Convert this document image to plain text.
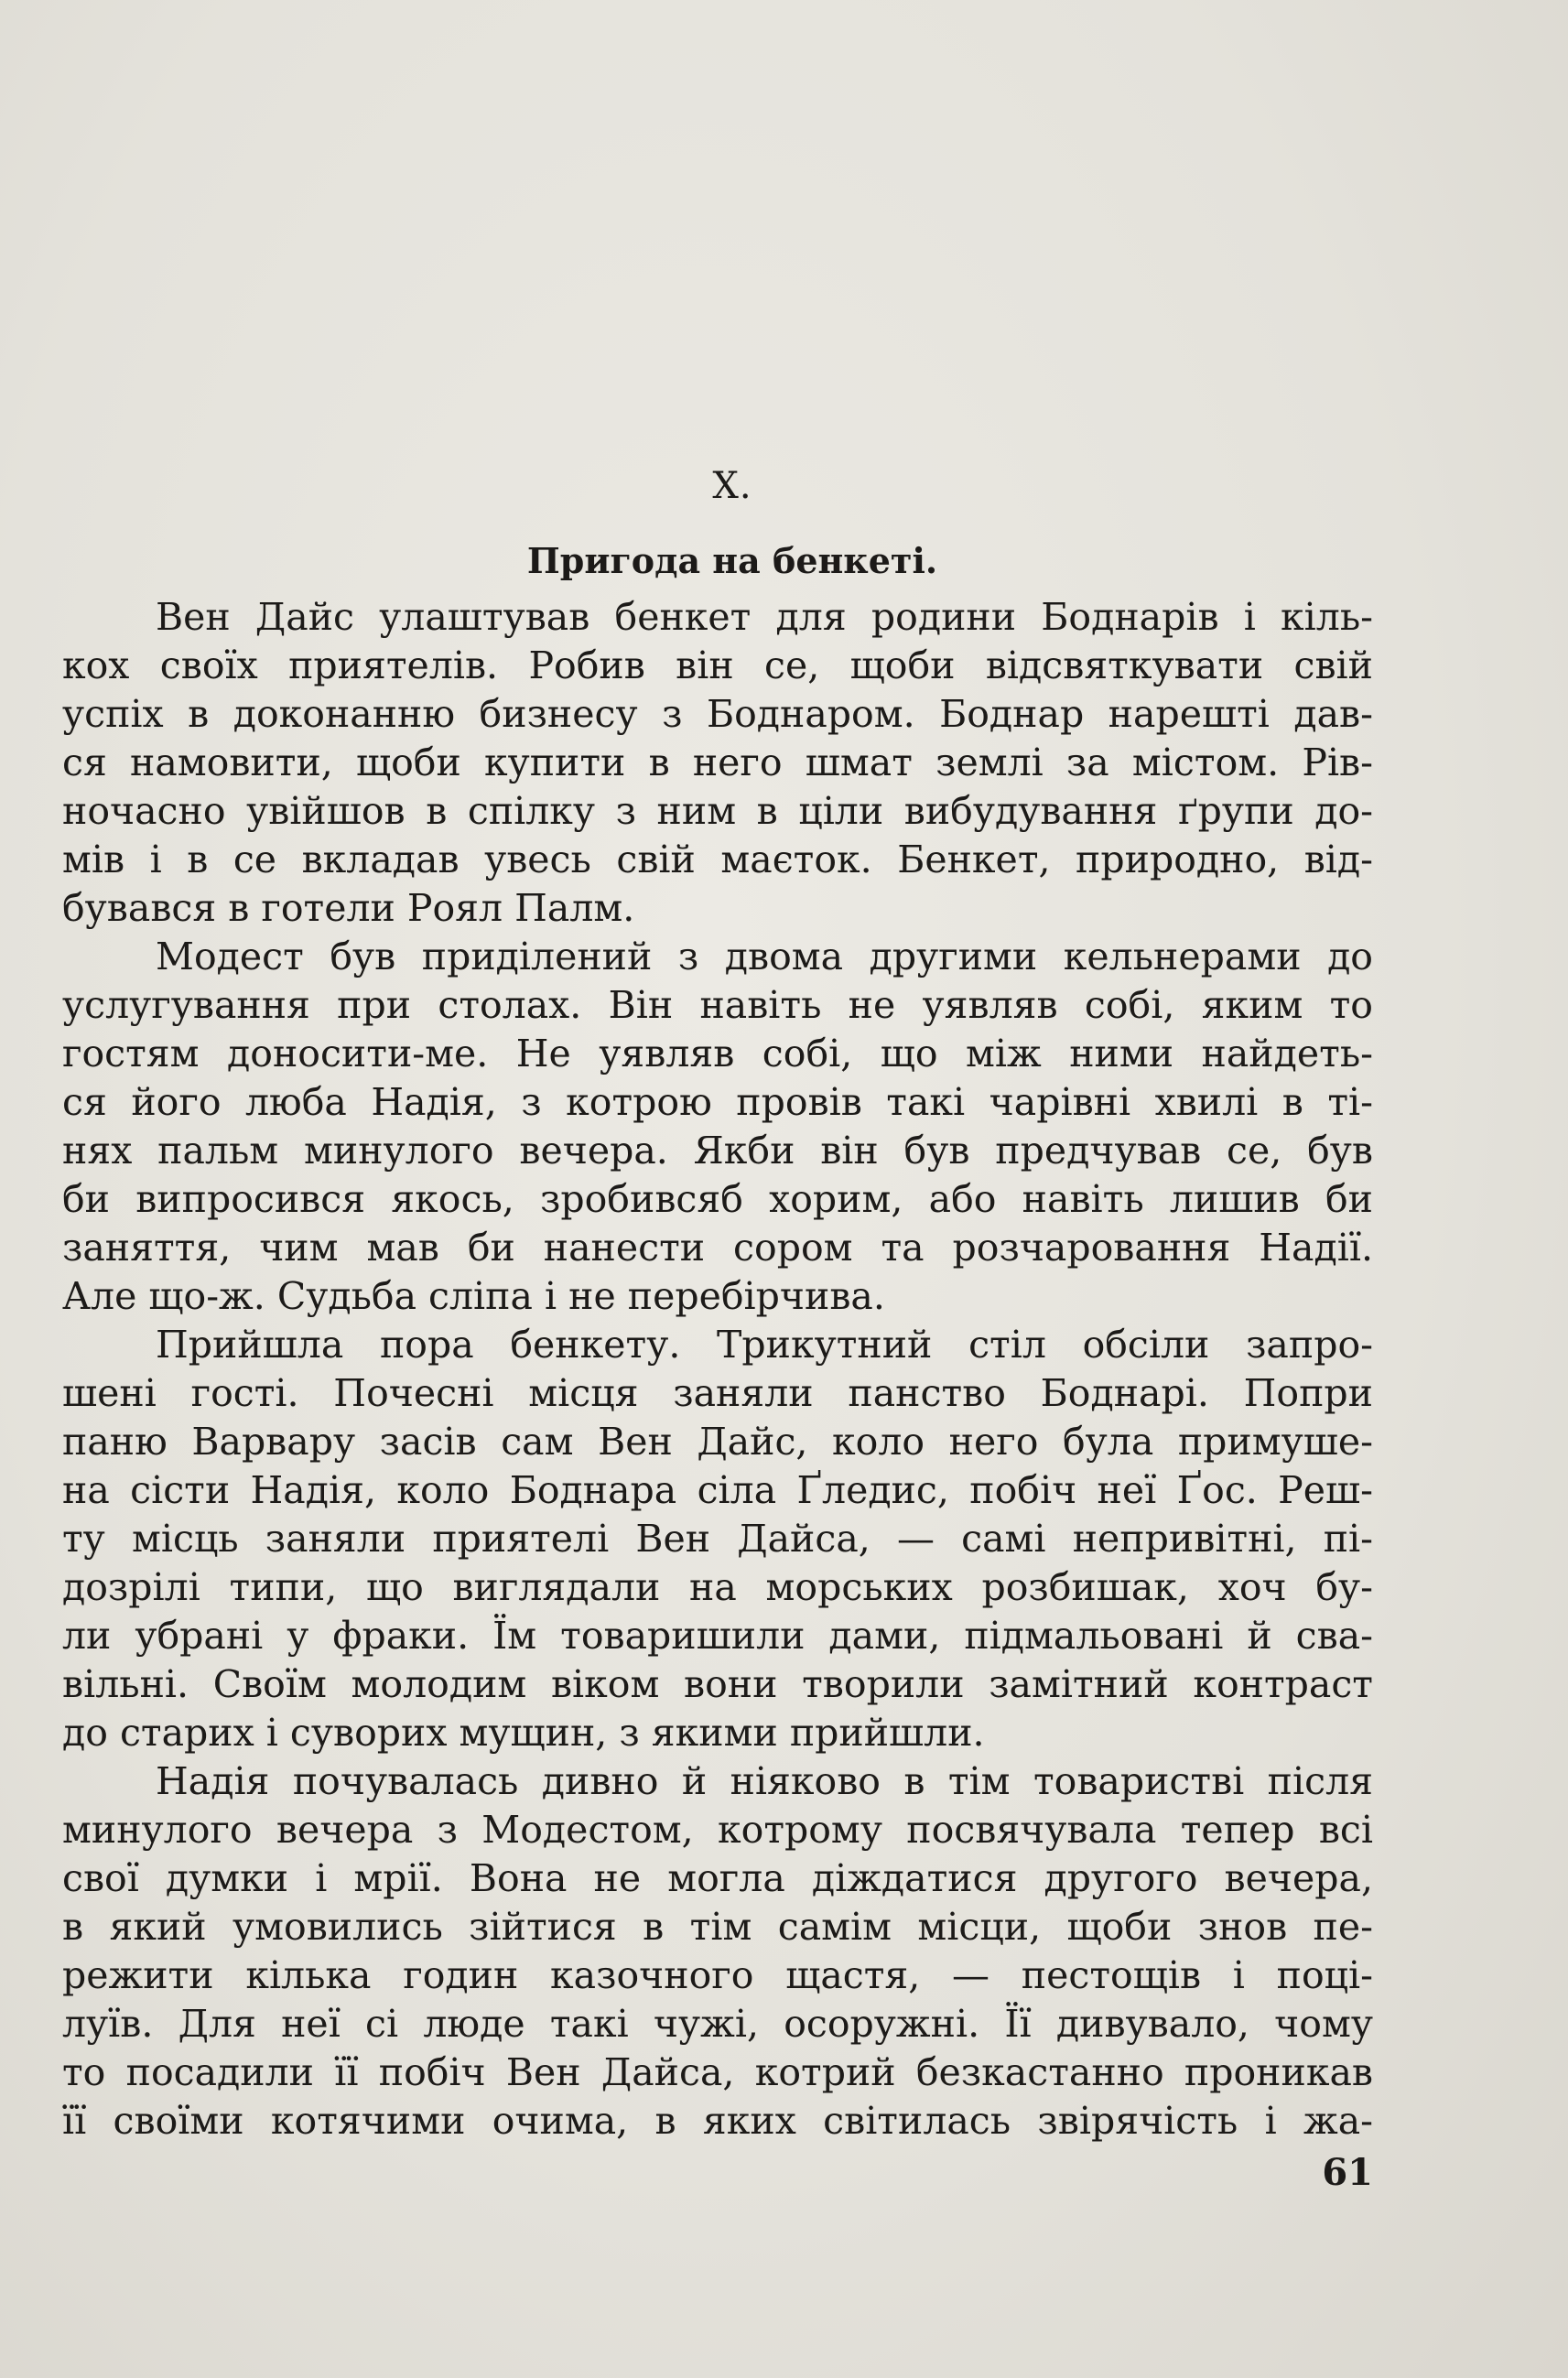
X.
Пригода на бенкеті.
Вен Дайс улаштував бенкет для родини Боднарів і кіль-
кох своїх приятелів. Робив він се, щоби відсвяткувати свій
успіх в доконанню бизнесу з Боднаром. Боднар нарешті дав-
ся намовити, щоби купити в него шмат землі за містом. Рів-
ночасно увійшов в спілку з ним в ціли вибудування ґрупи до-
мів і в се вкладав увесь свій маєток. Бенкет, природно, від-
бувався в готели Роял Палм.
Модест був приділений з двома другими кельнерами до
услугування при столах. Він навіть не уявляв собі, яким то
гостям доносити-ме. Не уявляв собі, що між ними найдеть-
ся його люба Надія, з котрою провів такі чарівні хвилі в ті-
нях пальм минулого вечера. Якби він був предчував се, був
би випросився якось, зробивсяб хорим, або навіть лишив би
заняття, чим мав би нанести сором та розчаровання Надії.
Але що-ж. Судьба сліпа і не перебірчива.
Прийшла пора бенкету. Трикутний стіл обсіли запро-
шені гості. Почесні місця заняли панство Боднарі. Попри
паню Варвару засів сам Вен Дайс, коло него була примуше-
на сісти Надія, коло Боднара сіла Ґледис, побіч неї Ґос. Реш-
ту місць заняли приятелі Вен Дайса, — самі непривітні, пі-
дозрілі типи, що виглядали на морських розбишак, хоч бу-
ли убрані у фраки. Їм товаришили дами, підмальовані й сва-
вільні. Своїм молодим віком вони творили замітний контраст
до старих і суворих мущин, з якими прийшли.
Надія почувалась дивно й ніяково в тім товаристві після
минулого вечера з Модестом, котрому посвячувала тепер всі
свої думки і мрії. Вона не могла діждатися другого вечера,
в який умовились зійтися в тім самім місци, щоби знов пе-
режити кілька годин казочного щастя, — пестощів і поці-
луїв. Для неї сі люде такі чужі, осоружні. Її дивувало, чому
то посадили її побіч Вен Дайса, котрий безкастанно проникав
її своїми котячими очима, в яких світилась звірячість і жа-
61
